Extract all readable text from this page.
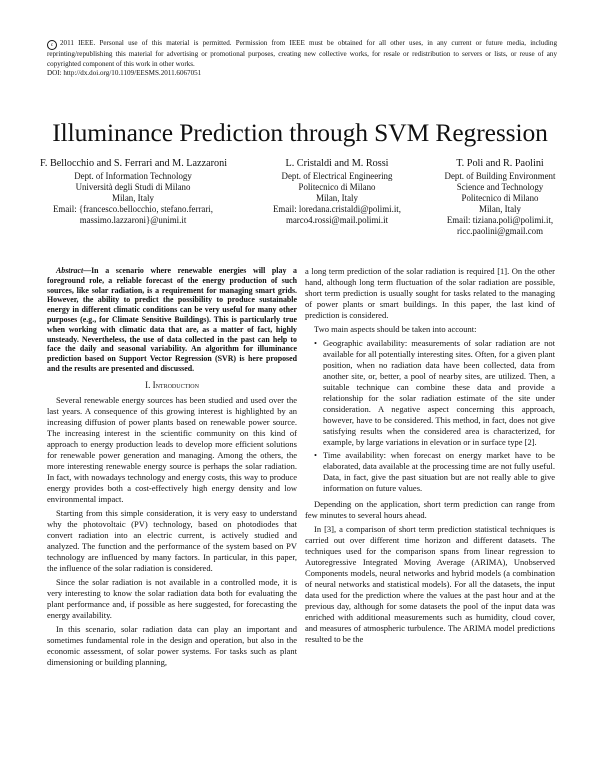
c 2011 IEEE. Personal use of this material is permitted. Permission from IEEE must be obtained for all other uses, in any current or future media, including reprinting/republishing this material for advertising or promotional purposes, creating new collective works, for resale or redistribution to servers or lists, or reuse of any copyrighted component of this work in other works.

DOI: http://dx.doi.org/10.1109/EESMS.2011.6067051

Illuminance Prediction through SVM Regression
F. Bellocchio and S. Ferrari and M. Lazzaroni
Dept. of Information Technology
Università degli Studi di Milano
Milan, Italy
Email: {francesco.bellocchio, stefano.ferrari,
massimo.lazzaroni}@unimi.it
L. Cristaldi and M. Rossi
Dept. of Electrical Engineering
Politecnico di Milano
Milan, Italy
Email: loredana.cristaldi@polimi.it,
marco4.rossi@mail.polimi.it
T. Poli and R. Paolini
Dept. of Building Environment
Science and Technology
Politecnico di Milano
Milan, Italy
Email: tiziana.poli@polimi.it,
ricc.paolini@gmail.com

Abstract—In a scenario where renewable energies will play a foreground role, a reliable forecast of the energy production of such sources, like solar radiation, is a requirement for managing smart grids. However, the ability to predict the possibility to produce sustainable energy in different climatic conditions can be very useful for many other purposes (e.g., for Climate Sensitive Buildings). This is particularly true when working with climatic data that are, as a matter of fact, highly unsteady. Nevertheless, the use of data collected in the past can help to face the daily and seasonal variability. An algorithm for illuminance prediction based on Support Vector Regression (SVR) is here proposed and the results are presented and discussed.

I. Introduction

Several renewable energy sources has been studied and used over the last years. A consequence of this growing interest is highlighted by an increasing diffusion of power plants based on renewable power source. The increasing interest in the scientific community on this kind of approach to energy production leads to develop more efficient solutions for renewable power generation and managing. Among the others, the more interesting renewable energy source is perhaps the solar radiation. In fact, with nowadays technology and energy costs, this way to produce energy provides both a cost-effectively high energy density and low environmental impact.

Starting from this simple consideration, it is very easy to understand why the photovoltaic (PV) technology, based on photodiodes that convert radiation into an electric current, is actively studied and analyzed. The function and the performance of the system based on PV technology are influenced by many factors. In particular, in this paper, the influence of the solar radiation is considered.

Since the solar radiation is not available in a controlled mode, it is very interesting to know the solar radiation data both for evaluating the plant performance and, if possible as here suggested, for forecasting the energy availability.

In this scenario, solar radiation data can play an important and sometimes fundamental role in the design and operation, but also in the economic assessment, of solar power systems. For tasks such as plant dimensioning or building planning,

a long term prediction of the solar radiation is required [1]. On the other hand, although long term fluctuation of the solar radiation are possible, short term prediction is usually sought for tasks related to the managing of power plants or smart buildings. In this paper, the last kind of prediction is considered.

Two main aspects should be taken into account:

• Geographic availability: measurements of solar radiation are not available for all potentially interesting sites. Often, for a given plant position, when no radiation data have been collected, data from another site, or, better, a pool of nearby sites, are utilized. Then, a suitable technique can combine these data and provide a relationship for the solar radiation estimate of the site under consideration. A negative aspect concerning this approach, however, have to be considered. This method, in fact, does not give satisfying results when the considered area is characterized, for example, by large variations in elevation or in surface type [2].
• Time availability: when forecast on energy market have to be elaborated, data available at the processing time are not fully useful. Data, in fact, give the past situation but are not really able to give information on future values.

Depending on the application, short term prediction can range from few minutes to several hours ahead.

In [3], a comparison of short term prediction statistical techniques is carried out over different time horizon and different datasets. The techniques used for the comparison spans from linear regression to Autoregressive Integrated Moving Average (ARIMA), Unobserved Components models, neural networks and hybrid models (a combination of neural networks and statistical models). For all the datasets, the input data used for the prediction where the values at the past hour and at the previous day, although for some datasets the pool of the input data was enriched with additional measurements such as humidity, cloud cover, and measures of atmospheric turbulence. The ARIMA model predictions resulted to be the
